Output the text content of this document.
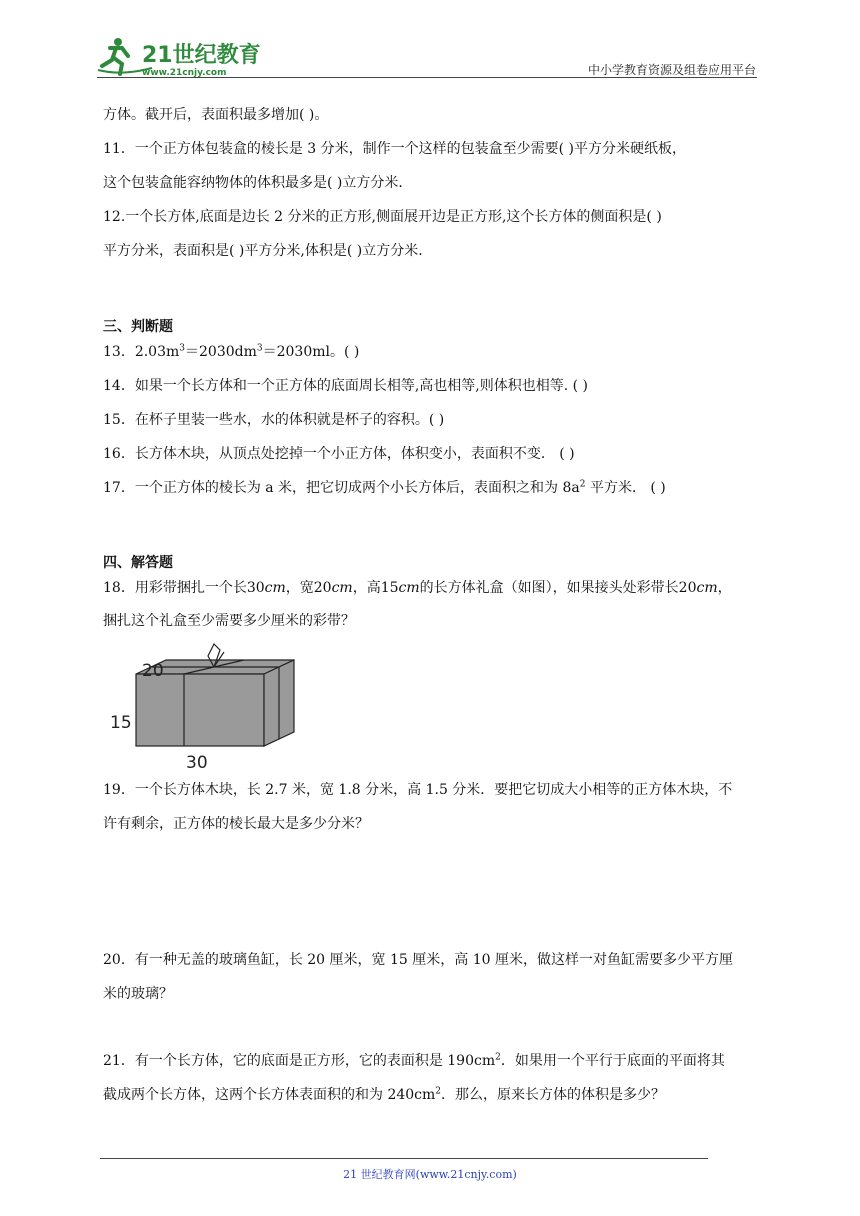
21世纪教育
www.21cnjy.com	中小学教育资源及组卷应用平台
方体。截开后，表面积最多增加( )。
11．一个正方体包装盒的棱长是 3 分米，制作一个这样的包装盒至少需要( )平方分米硬纸板，
这个包装盒能容纳物体的体积最多是( )立方分米．
12.一个长方体,底面是边长 2 分米的正方形,侧面展开边是正方形,这个长方体的侧面积是( )
平方分米，表面积是( )平方分米,体积是( )立方分米.
三、判断题
13．$2.03m^3=2030dm^3=2030ml$。( )
14．如果一个长方体和一个正方体的底面周长相等,高也相等,则体积也相等. ( )
15．在杯子里装一些水，水的体积就是杯子的容积。( )
16．长方体木块，从顶点处挖掉一个小正方体，体积变小，表面积不变． ( )
17．一个正方体的棱长为 a 米，把它切成两个小长方体后，表面积之和为 $8a^2$ 平方米． ( )
四、解答题
18．用彩带捆扎一个长30cm，宽20cm，高15cm的长方体礼盒（如图），如果接头处彩带长20cm，
捆扎这个礼盒至少需要多少厘米的彩带？
20
15
30
19．一个长方体木块，长 2.7 米，宽 1.8 分米，高 1.5 分米．要把它切成大小相等的正方体木块，不
许有剩余，正方体的棱长最大是多少分米？
20．有一种无盖的玻璃鱼缸，长 20 厘米，宽 15 厘米，高 10 厘米，做这样一对鱼缸需要多少平方厘
米的玻璃？
21．有一个长方体，它的底面是正方形，它的表面积是 $190cm^2$．如果用一个平行于底面的平面将其
截成两个长方体，这两个长方体表面积的和为 $240cm^2$．那么，原来长方体的体积是多少？
21 世纪教育网(www.21cnjy.com)
